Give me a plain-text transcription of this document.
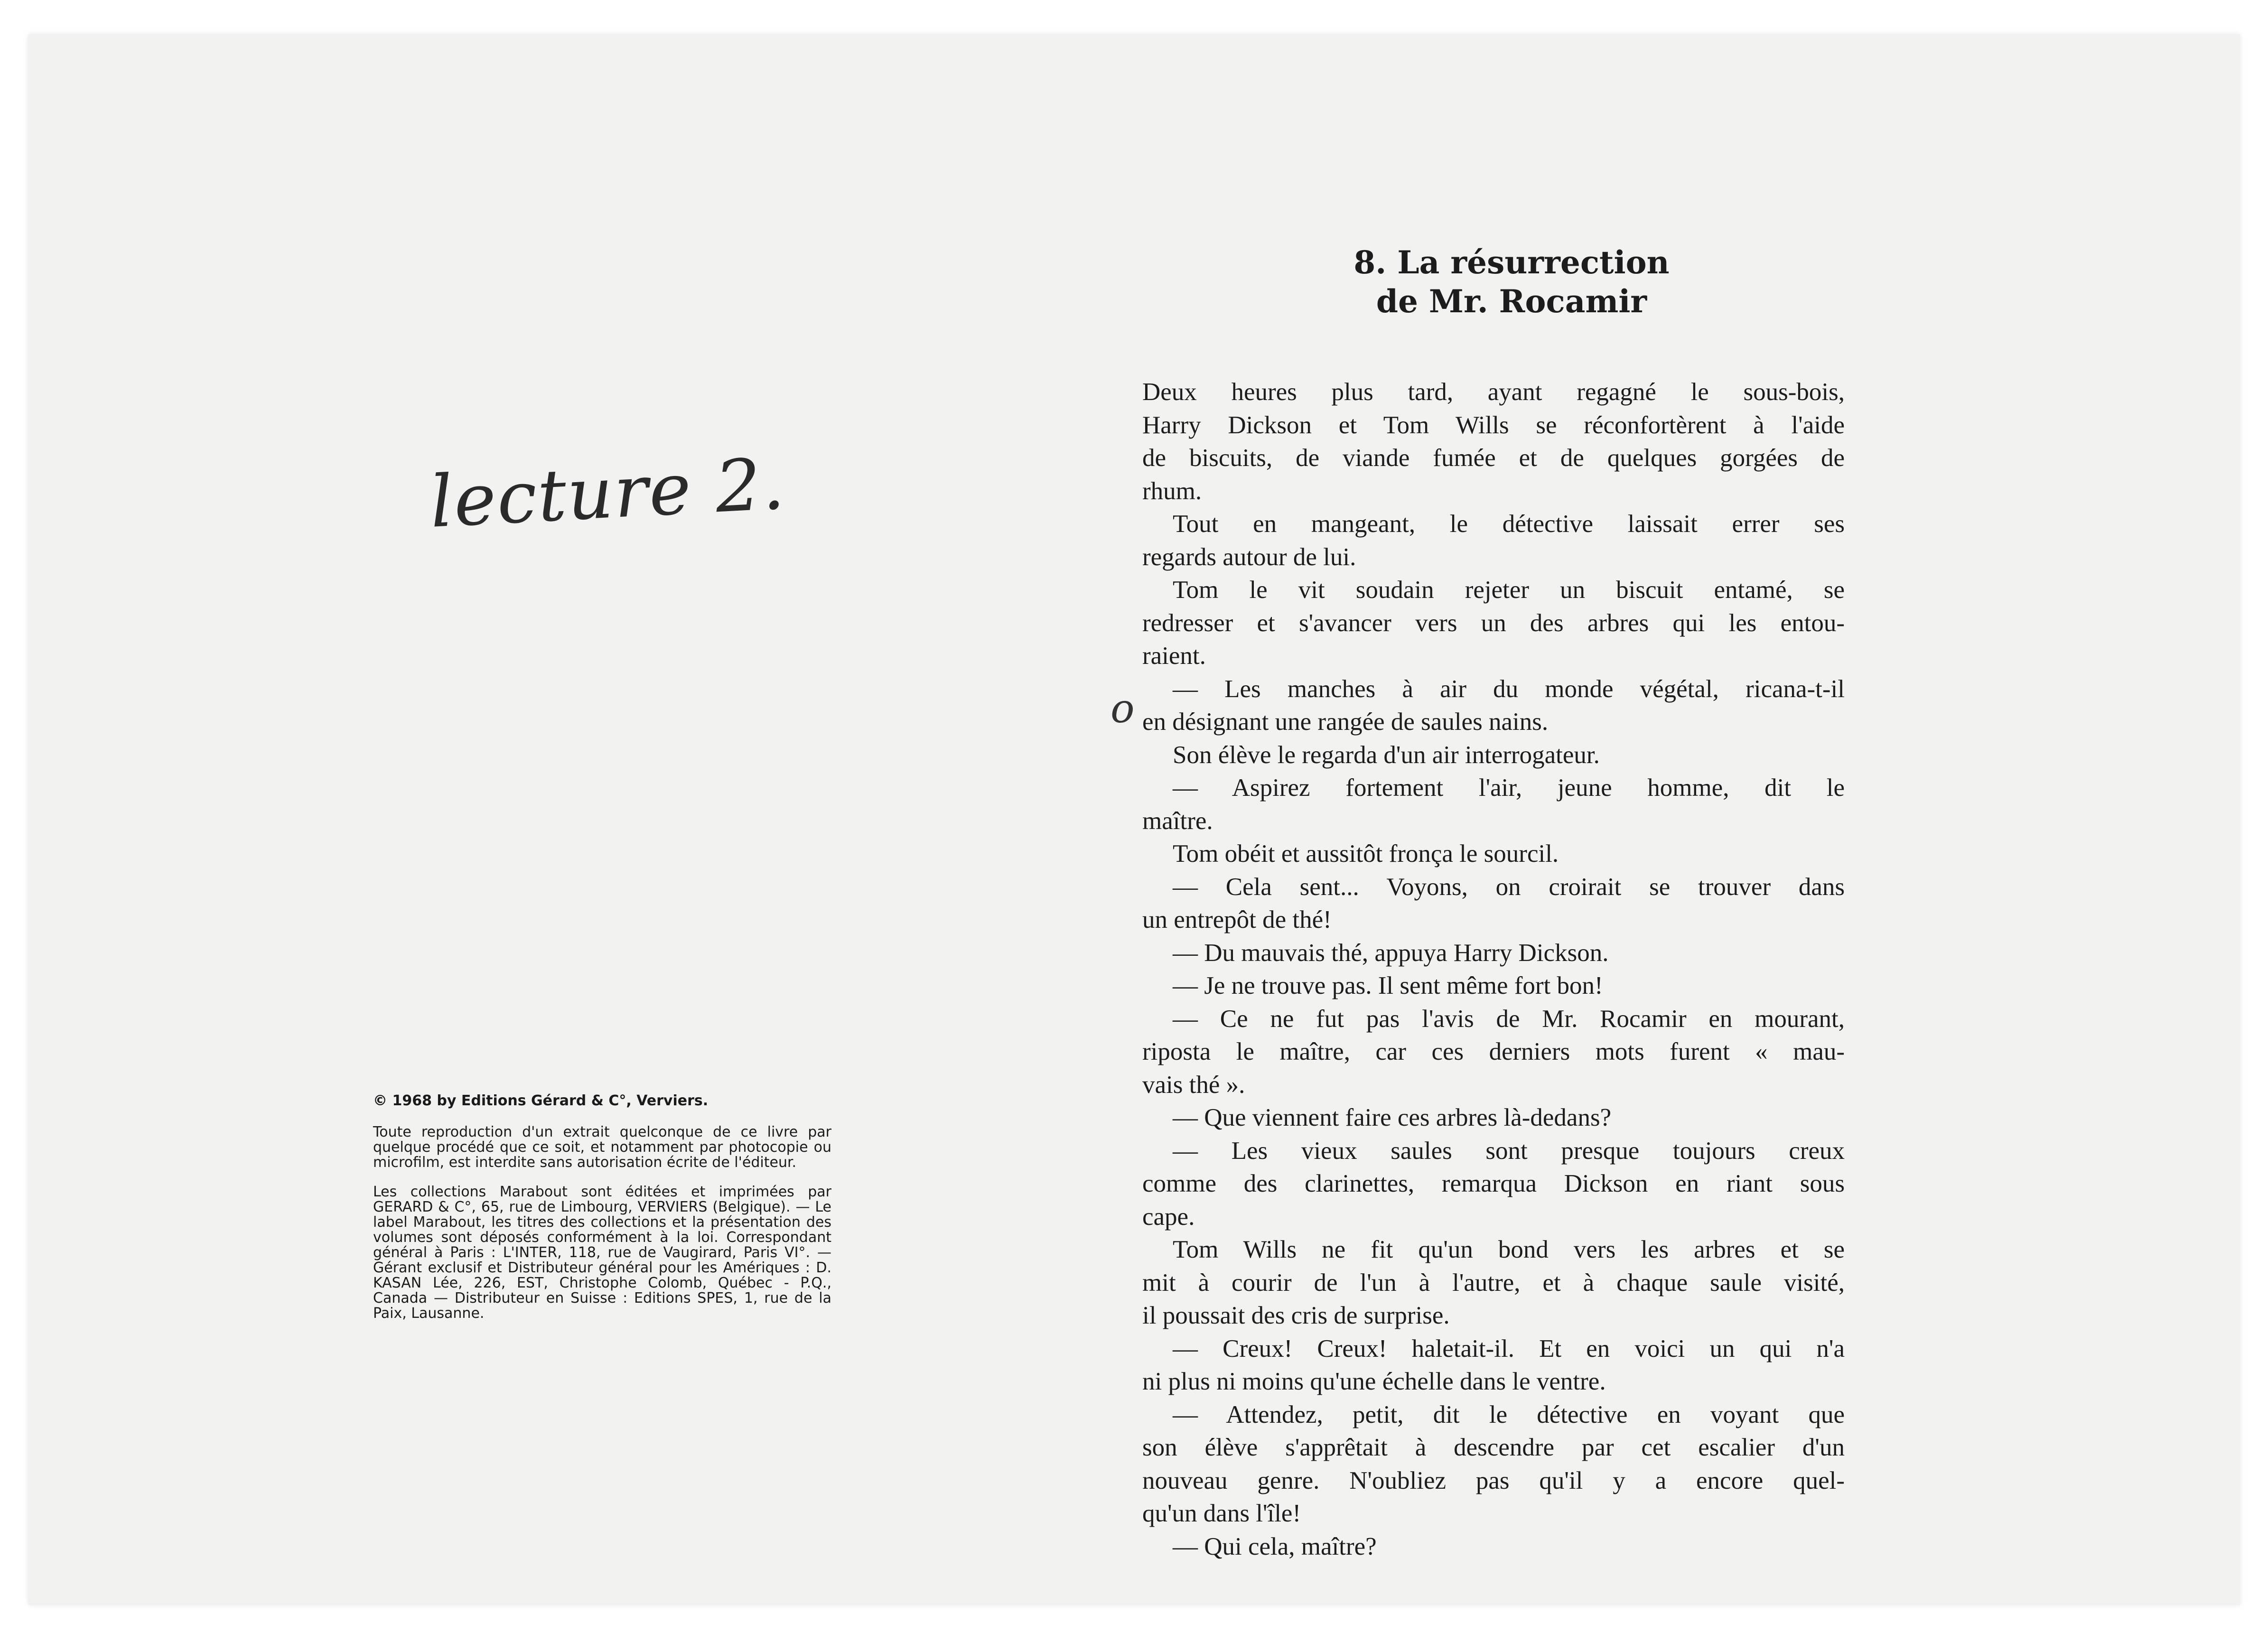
lecture 2.

© 1968 by Editions Gérard & C°, Verviers.

Toute reproduction d'un extrait quelconque de ce livre par quelque procédé que ce soit, et notamment par photocopie ou microfilm, est interdite sans autorisation écrite de l'éditeur.

Les collections Marabout sont éditées et imprimées par GERARD & C°, 65, rue de Limbourg, VERVIERS (Belgique). — Le label Marabout, les titres des collections et la présentation des volumes sont déposés conformément à la loi. Correspondant général à Paris : L'INTER, 118, rue de Vaugirard, Paris VI°. — Gérant exclusif et Distributeur général pour les Amériques : D. KASAN Lée, 226, EST, Christophe Colomb, Québec - P.Q., Canada — Distributeur en Suisse : Editions SPES, 1, rue de la Paix, Lausanne.

8. La résurrection
de Mr. Rocamir
o
Deux heures plus tard, ayant regagné le sous-bois,
Harry Dickson et Tom Wills se réconfortèrent à l'aide
de biscuits, de viande fumée et de quelques gorgées de
rhum.
Tout en mangeant, le détective laissait errer ses
regards autour de lui.
Tom le vit soudain rejeter un biscuit entamé, se
redresser et s'avancer vers un des arbres qui les entou-
raient.
— Les manches à air du monde végétal, ricana-t-il
en désignant une rangée de saules nains.
Son élève le regarda d'un air interrogateur.
— Aspirez fortement l'air, jeune homme, dit le
maître.
Tom obéit et aussitôt fronça le sourcil.
— Cela sent... Voyons, on croirait se trouver dans
un entrepôt de thé!
— Du mauvais thé, appuya Harry Dickson.
— Je ne trouve pas. Il sent même fort bon!
— Ce ne fut pas l'avis de Mr. Rocamir en mourant,
riposta le maître, car ces derniers mots furent « mau-
vais thé ».
— Que viennent faire ces arbres là-dedans?
— Les vieux saules sont presque toujours creux
comme des clarinettes, remarqua Dickson en riant sous
cape.
Tom Wills ne fit qu'un bond vers les arbres et se
mit à courir de l'un à l'autre, et à chaque saule visité,
il poussait des cris de surprise.
— Creux! Creux! haletait-il. Et en voici un qui n'a
ni plus ni moins qu'une échelle dans le ventre.
— Attendez, petit, dit le détective en voyant que
son élève s'apprêtait à descendre par cet escalier d'un
nouveau genre. N'oubliez pas qu'il y a encore quel-
qu'un dans l'île!
— Qui cela, maître?
